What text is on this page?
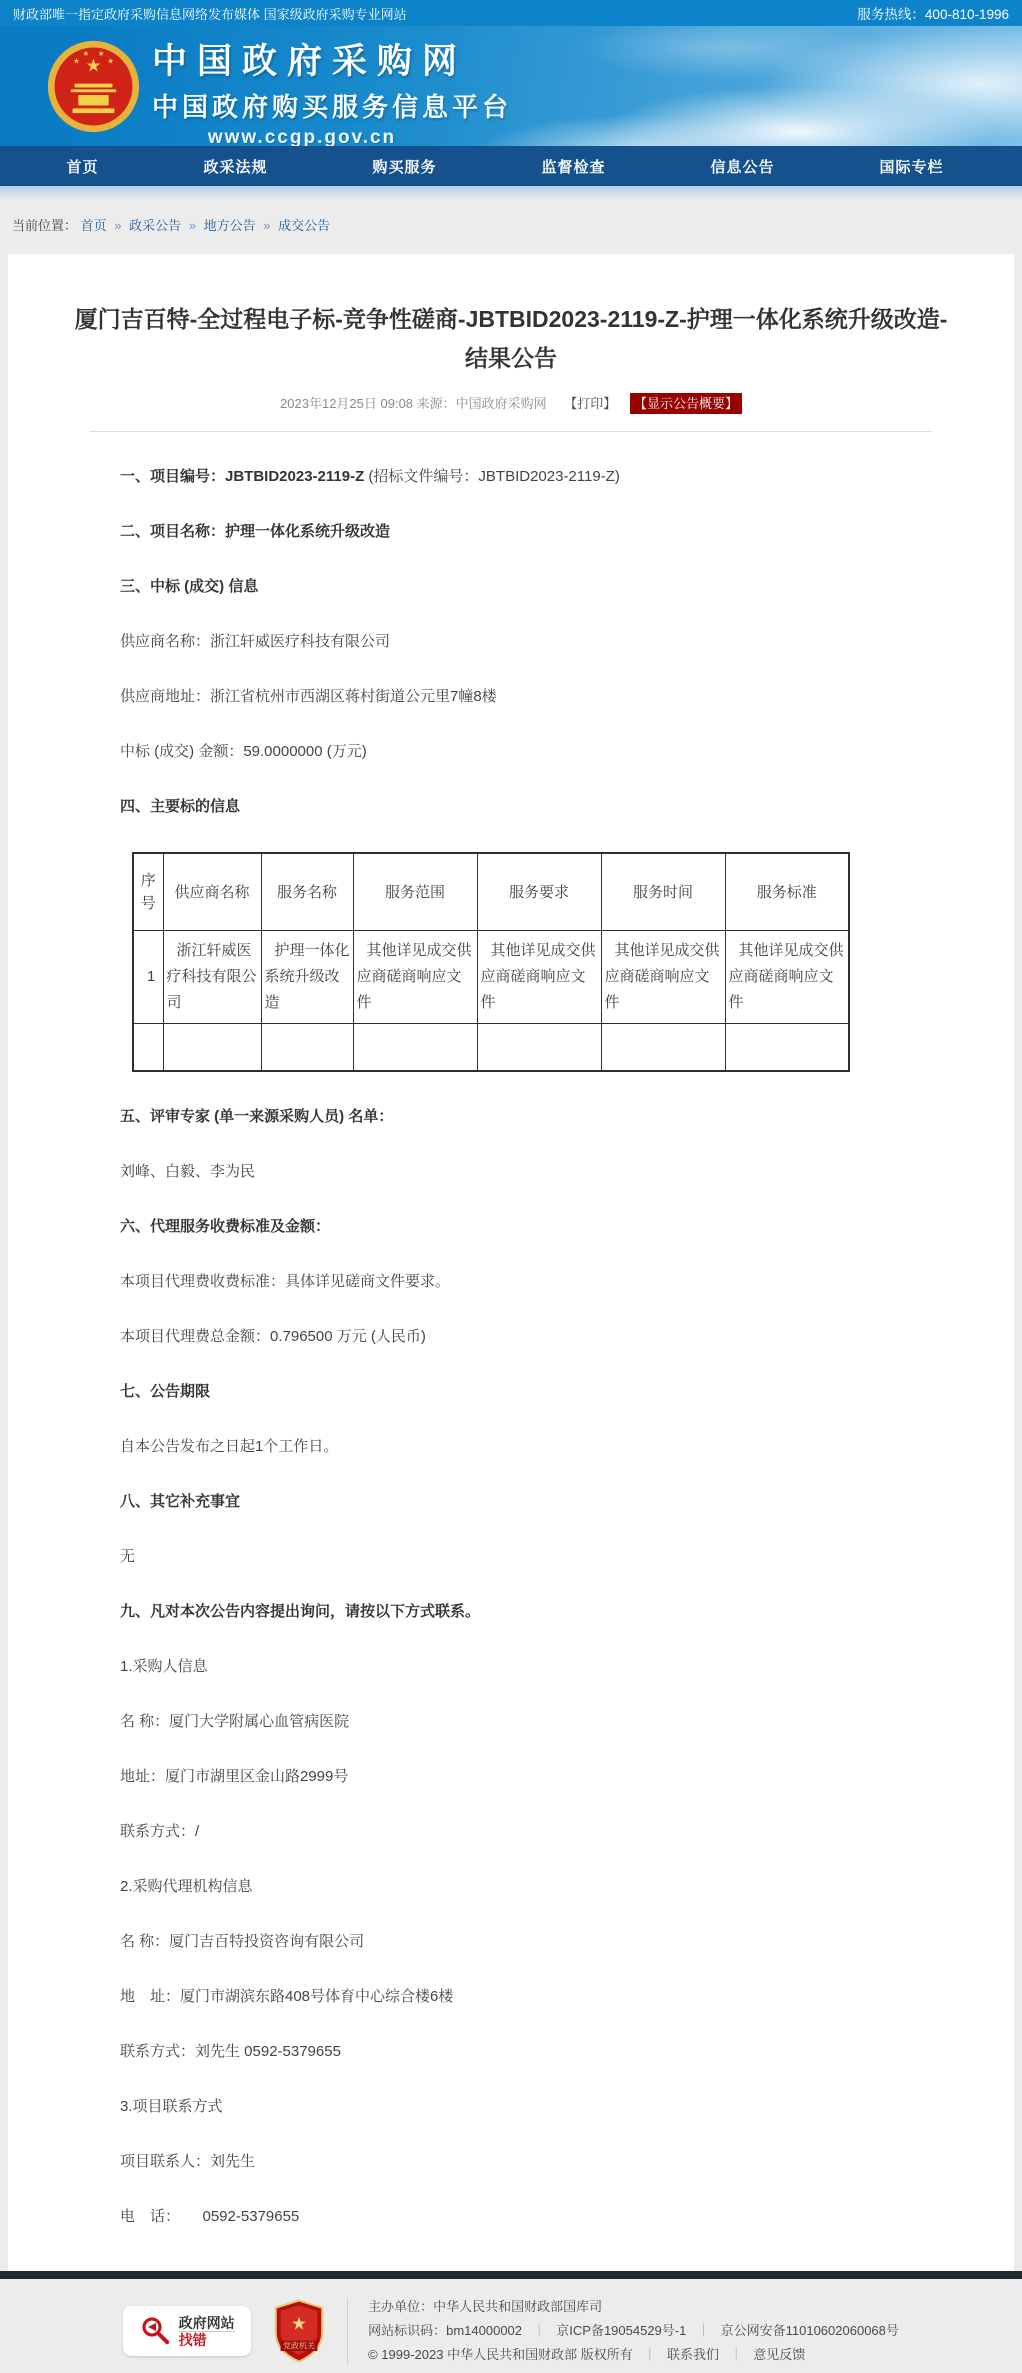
财政部唯一指定政府采购信息网络发布媒体 国家级政府采购专业网站	服务热线：400-810-1996
★
★
★ ★
★ 中国政府采购网
中国政府购买服务信息平台
www.ccgp.gov.cn
首页	政采法规	购买服务	监督检查	信息公告	国际专栏
当前位置： 首页 » 政采公告 » 地方公告 » 成交公告
厦门吉百特-全过程电子标-竞争性磋商-JBTBID2023-2119-Z-护理一体化系统升级改造-结果公告
2023年12月25日 09:08 来源：中国政府采购网 【打印】 【显示公告概要】

一、项目编号：JBTBID2023-2119-Z (招标文件编号：JBTBID2023-2119-Z)

二、项目名称：护理一体化系统升级改造

三、中标 (成交) 信息

供应商名称：浙江轩威医疗科技有限公司

供应商地址：浙江省杭州市西湖区蒋村街道公元里7幢8楼

中标 (成交) 金额：59.0000000 (万元)

四、主要标的信息

序号	供应商名称	服务名称	服务范围	服务要求	服务时间	服务标准
1	浙江轩威医疗科技有限公司	护理一体化系统升级改造	其他详见成交供应商磋商响应文件	其他详见成交供应商磋商响应文件	其他详见成交供应商磋商响应文件	其他详见成交供应商磋商响应文件

五、评审专家 (单一来源采购人员) 名单：

刘峰、白毅、李为民

六、代理服务收费标准及金额：

本项目代理费收费标准：具体详见磋商文件要求。

本项目代理费总金额：0.796500 万元 (人民币)

七、公告期限

自本公告发布之日起1个工作日。

八、其它补充事宜

无

九、凡对本次公告内容提出询问，请按以下方式联系。

1.采购人信息

名 称：厦门大学附属心血管病医院

地址：厦门市湖里区金山路2999号

联系方式：/

2.采购代理机构信息

名 称：厦门吉百特投资咨询有限公司

地　址：厦门市湖滨东路408号体育中心综合楼6楼

联系方式：刘先生 0592-5379655

3.项目联系方式

项目联系人：刘先生

电　话：　　0592-5379655

政府网站
找错
★
党政机关
主办单位：中华人民共和国财政部国库司
网站标识码：bm14000002 ｜ 京ICP备19054529号-1 ｜ 京公网安备11010602060068号
© 1999-2023 中华人民共和国财政部 版权所有 ｜ 联系我们 ｜ 意见反馈
